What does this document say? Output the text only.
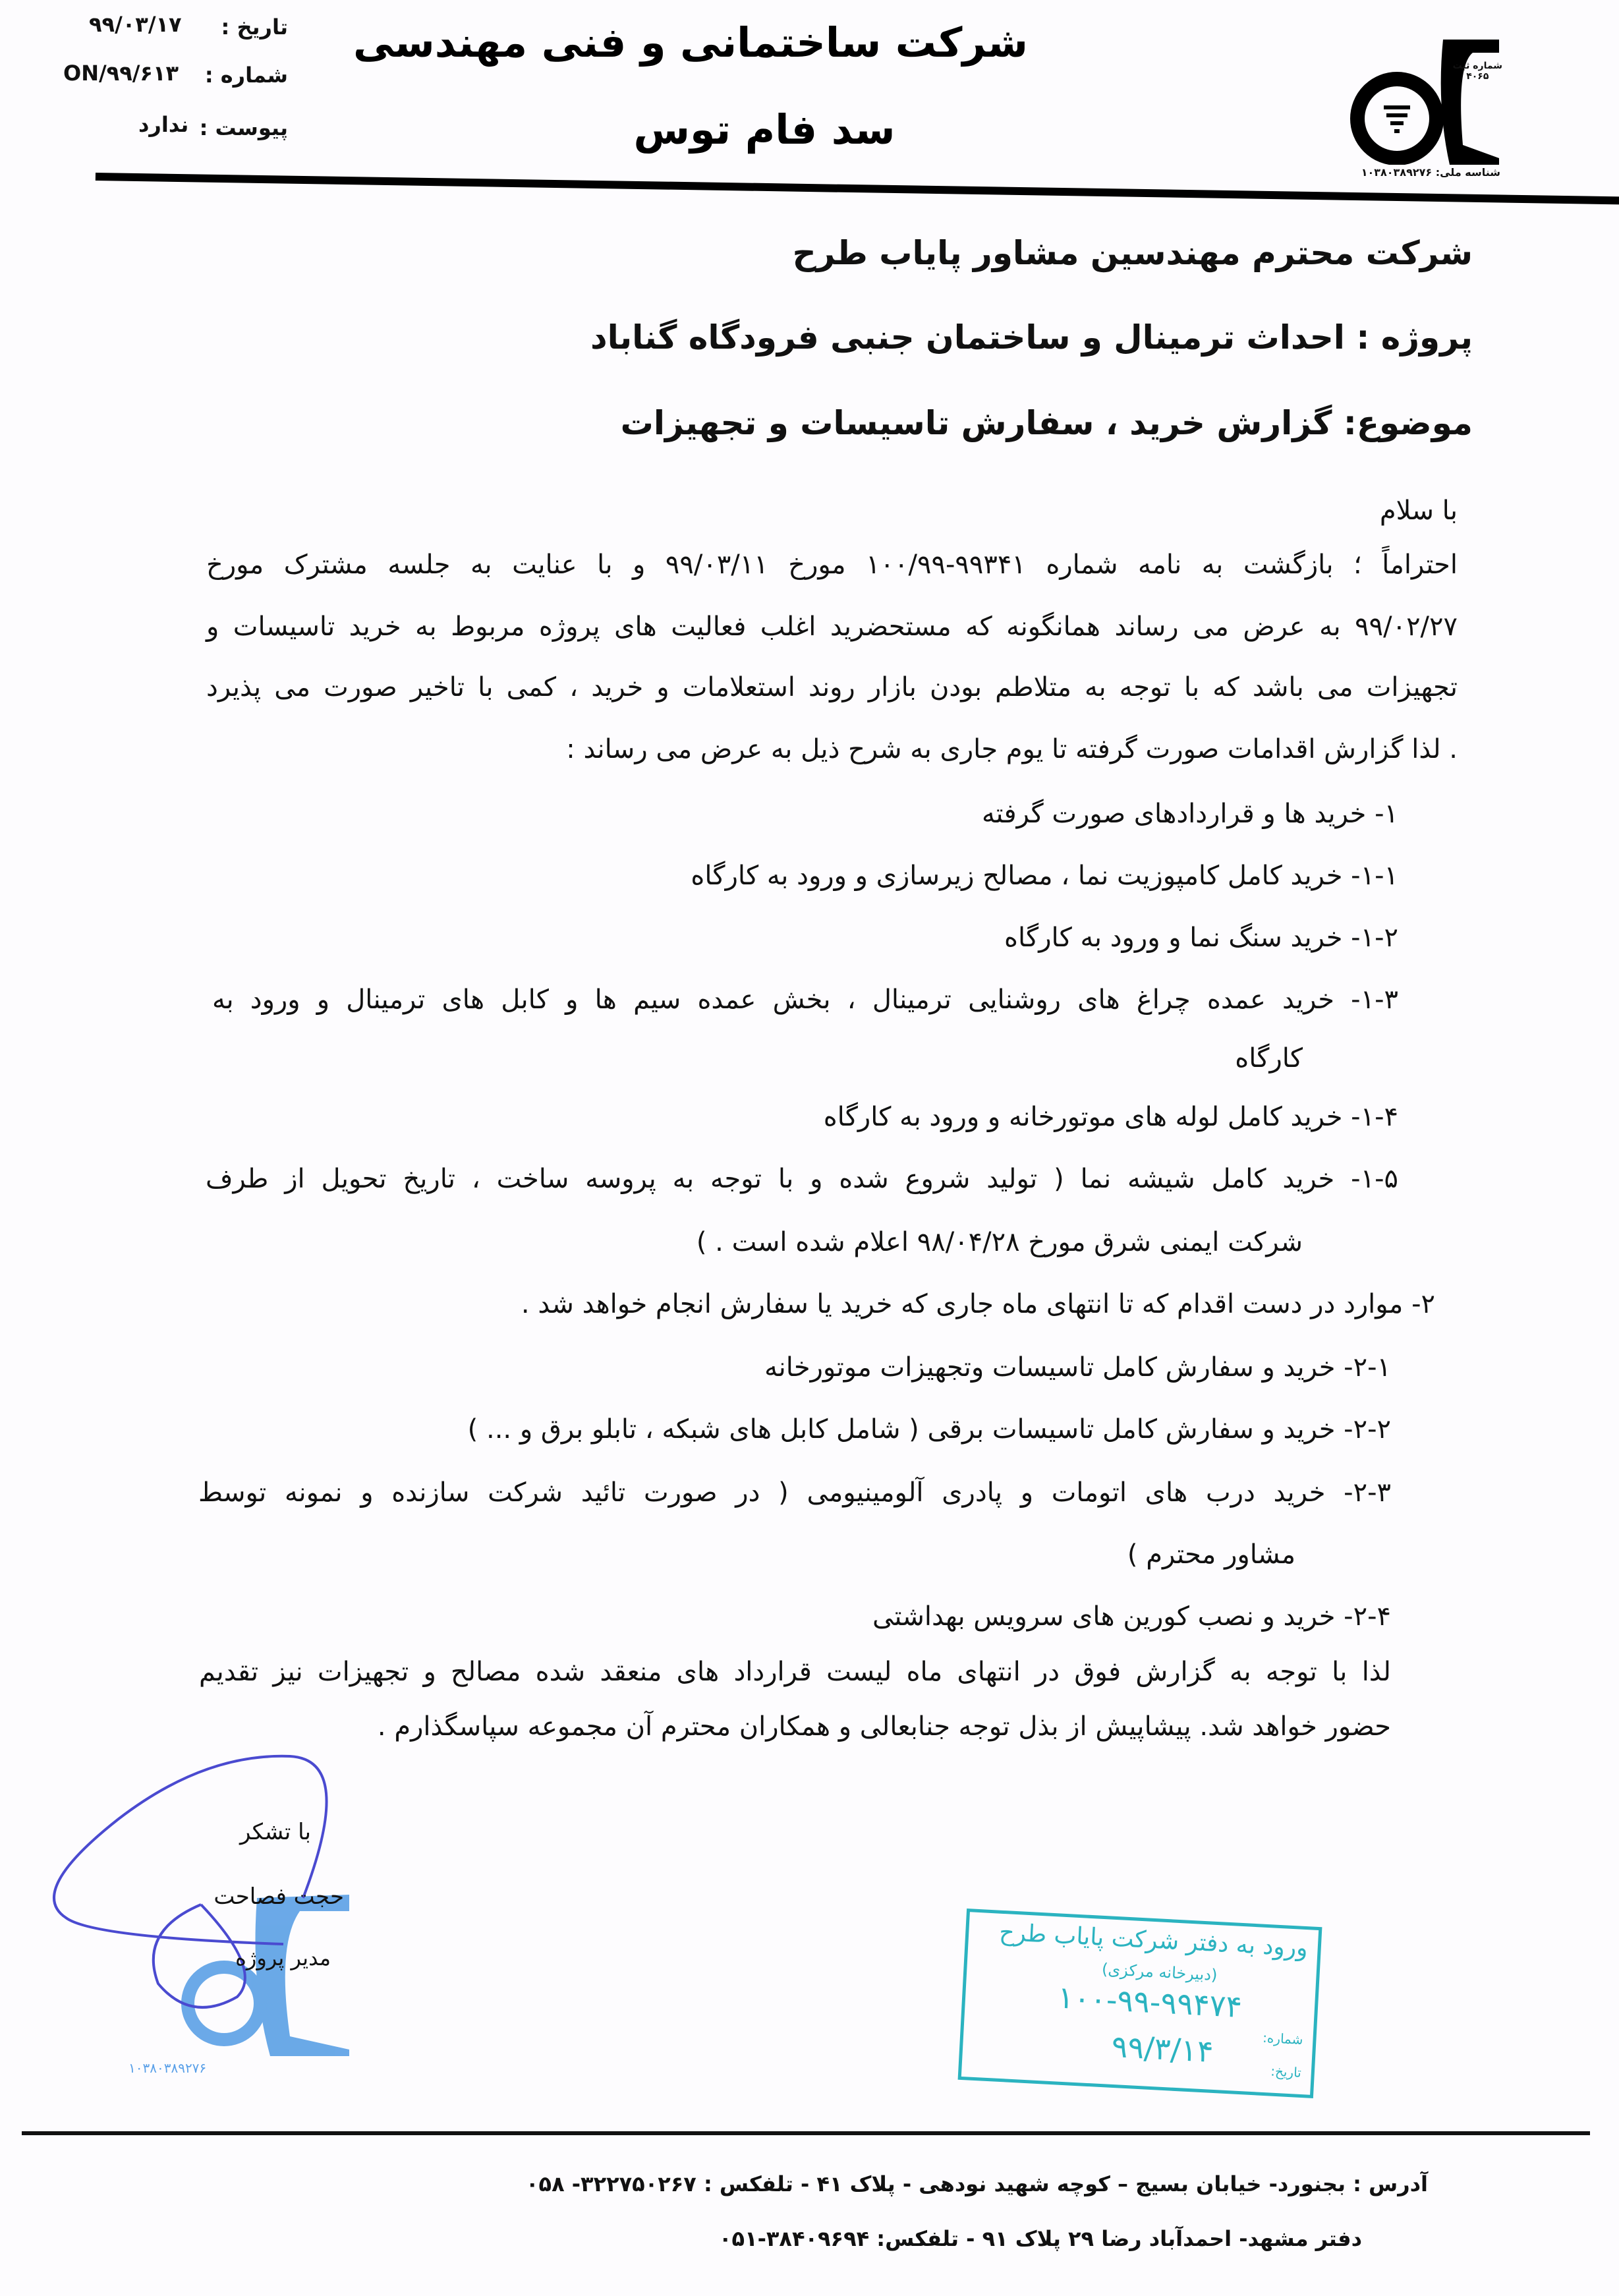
شرکت ساختمانی و فنی مهندسی
سد فام توس
تاریخ :
۹۹/۰۳/۱۷
شماره :
ON/۹۹/۶۱۳
پیوست :
ندارد
شماره ثبت
۴۰۶۵
شناسه ملی: ۱۰۳۸۰۳۸۹۲۷۶
شرکت محترم مهندسین مشاور پایاب طرح
پروژه : احداث ترمینال و ساختمان جنبی فرودگاه گناباد
موضوع: گزارش خرید ، سفارش تاسیسات و تجهیزات
با سلام
احتراماً ؛ بازگشت به نامه شماره ۹۹۳۴۱-۱۰۰/۹۹ مورخ ۹۹/۰۳/۱۱ و با عنایت به جلسه مشترک مورخ
۹۹/۰۲/۲۷ به عرض می رساند همانگونه که مستحضرید اغلب فعالیت های پروژه مربوط به خرید تاسیسات و
تجهیزات می باشد که با توجه به متلاطم بودن بازار روند استعلامات و خرید ، کمی با تاخیر صورت می پذیرد
. لذا گزارش اقدامات صورت گرفته تا یوم جاری به شرح ذیل به عرض می رساند :
۱- خرید ها و قراردادهای صورت گرفته
۱-۱- خرید کامل کامپوزیت نما ، مصالح زیرسازی و ورود به کارگاه
۱-۲- خرید سنگ نما و ورود به کارگاه
۱-۳- خرید عمده چراغ های روشنایی ترمینال ، بخش عمده سیم ها و کابل های ترمینال و ورود به
کارگاه
۱-۴- خرید کامل لوله های موتورخانه و ورود به کارگاه
۱-۵- خرید کامل شیشه نما ( تولید شروع شده و با توجه به پروسه ساخت ، تاریخ تحویل از طرف
شرکت ایمنی شرق مورخ ۹۸/۰۴/۲۸ اعلام شده است . )
۲- موارد در دست اقدام که تا انتهای ماه جاری که خرید یا سفارش انجام خواهد شد .
۲-۱- خرید و سفارش کامل تاسیسات وتجهیزات موتورخانه
۲-۲- خرید و سفارش کامل تاسیسات برقی ( شامل کابل های شبکه ، تابلو برق و ... )
۲-۳- خرید درب های اتومات و پادری آلومینیومی ( در صورت تائید شرکت سازنده و نمونه توسط
مشاور محترم )
۲-۴- خرید و نصب کورین های سرویس بهداشتی
لذا با توجه به گزارش فوق در انتهای ماه لیست قرارداد های منعقد شده مصالح و تجهیزات نیز تقدیم
حضور خواهد شد. پیشاپیش از بذل توجه جنابعالی و همکاران محترم آن مجموعه سپاسگذارم .
۱۰۳۸۰۳۸۹۲۷۶
با تشکر
حجت فصاحت
مدیر پروژه	ورود به دفتر شرکت پایاب طرح
(دبیرخانه مرکزی)
شماره:
۱۰۰-۹۹-۹۹۴۷۴
تاریخ:
۹۹/۳/۱۴
آدرس : بجنورد- خیابان بسیج – کوچه شهید نودهی - پلاک ۴۱ - تلفکس : ۳۲۲۷۵۰۲۶۷- ۰۵۸
دفتر مشهد- احمدآباد رضا ۲۹ پلاک ۹۱ - تلفکس: ۳۸۴۰۹۶۹۴-۰۵۱
